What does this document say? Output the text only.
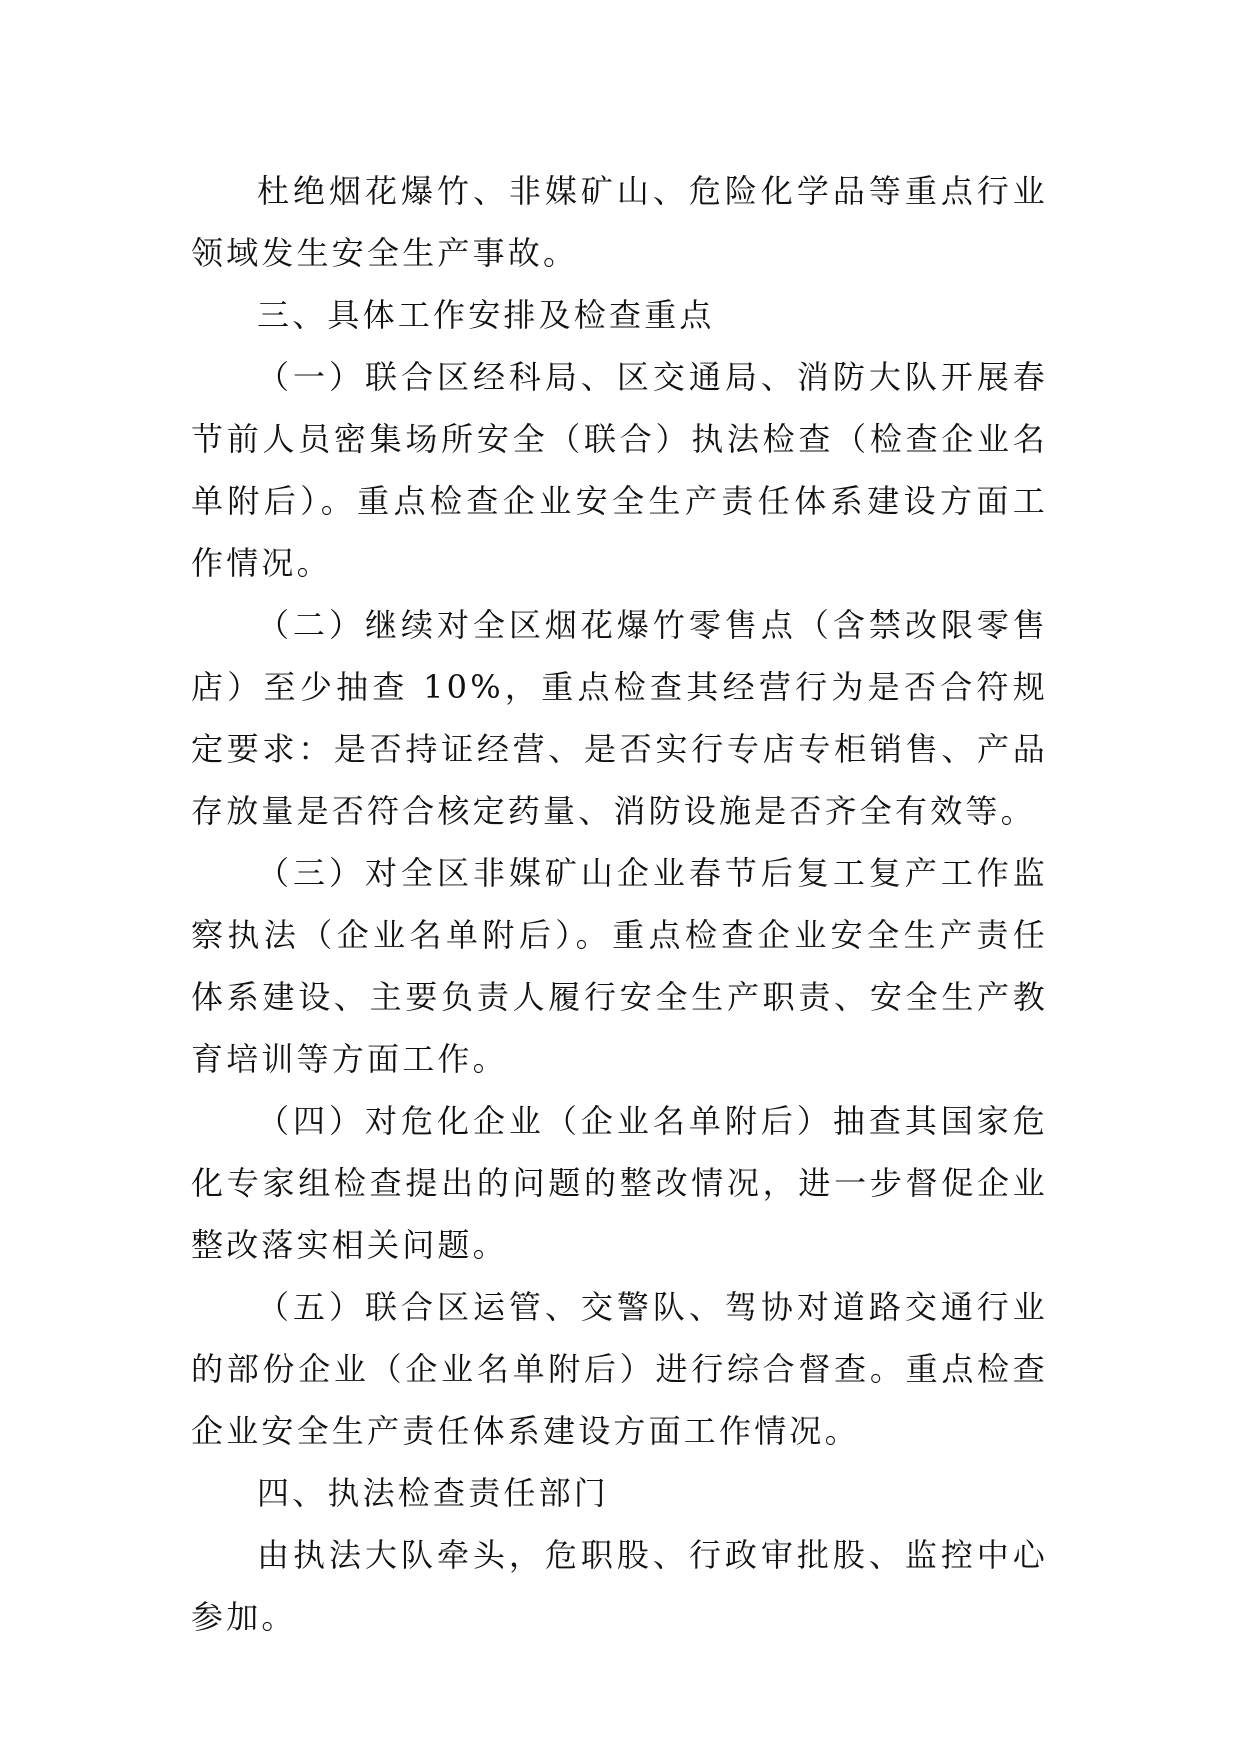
杜绝烟花爆竹、非媒矿山、危险化学品等重点行业领域发生安全生产事故。

三、具体工作安排及检查重点

（一）联合区经科局、区交通局、消防大队开展春节前人员密集场所安全（联合）执法检查（检查企业名单附后）。重点检查企业安全生产责任体系建设方面工作情况。

（二）继续对全区烟花爆竹零售点（含禁改限零售店）至少抽查 10%，重点检查其经营行为是否合符规定要求：是否持证经营、是否实行专店专柜销售、产品存放量是否符合核定药量、消防设施是否齐全有效等。

（三）对全区非媒矿山企业春节后复工复产工作监察执法（企业名单附后）。重点检查企业安全生产责任体系建设、主要负责人履行安全生产职责、安全生产教育培训等方面工作。

（四）对危化企业（企业名单附后）抽查其国家危化专家组检查提出的问题的整改情况，进一步督促企业整改落实相关问题。

（五）联合区运管、交警队、驾协对道路交通行业的部份企业（企业名单附后）进行综合督查。重点检查企业安全生产责任体系建设方面工作情况。

四、执法检查责任部门

由执法大队牵头，危职股、行政审批股、监控中心参加。
